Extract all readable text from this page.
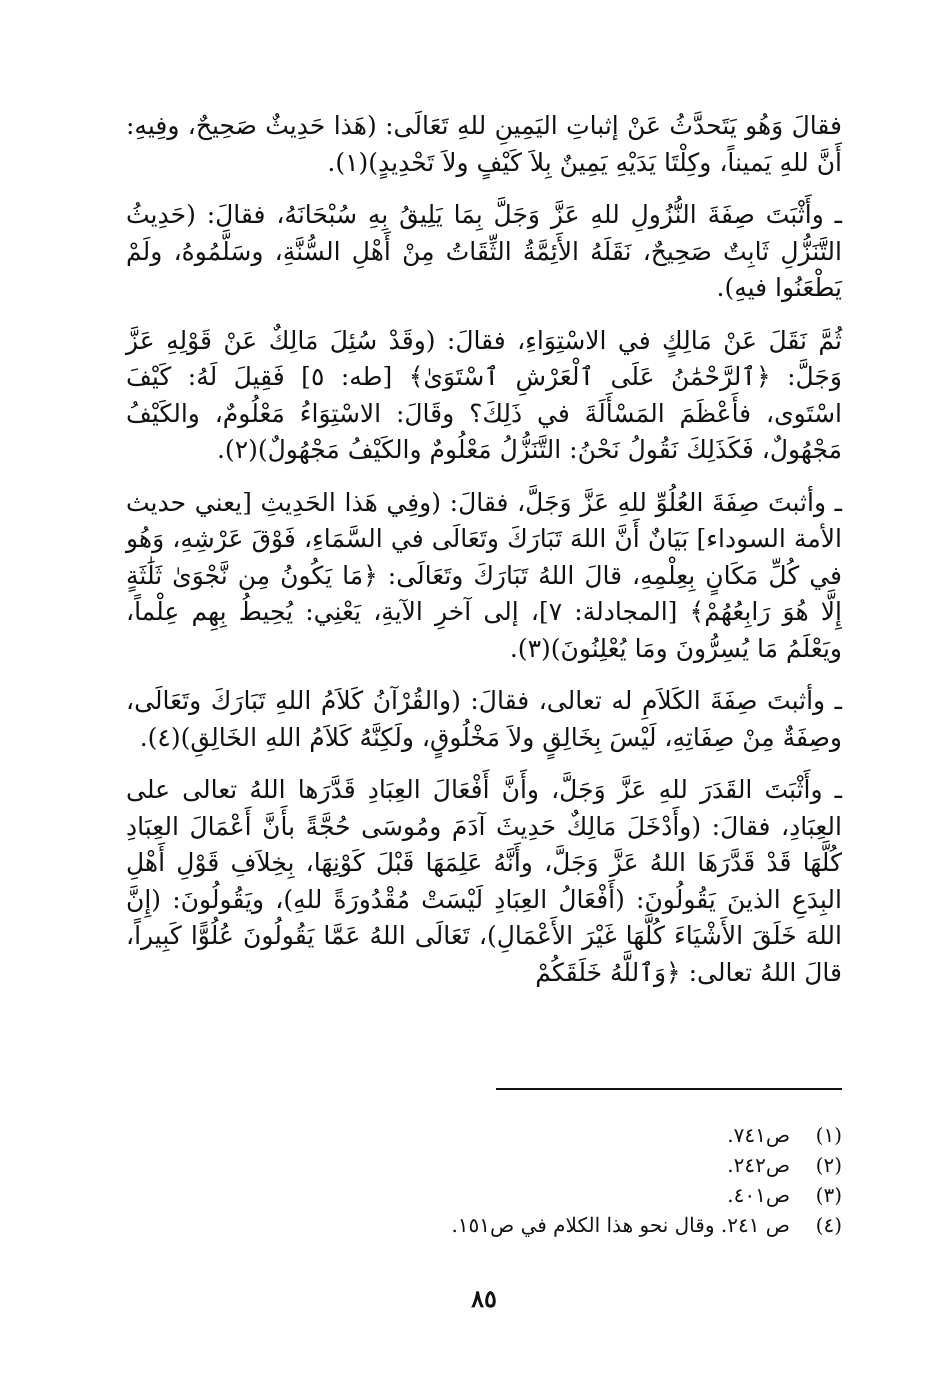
فقالَ وَهُو يَتَحدَّثُ عَنْ إثباتِ اليَمِينِ للهِ تَعَالَى: (هَذا حَدِيثٌ صَحِيحٌ، وفِيهِ: أَنَّ للهِ يَميناً، وكِلْتَا يَدَيْهِ يَمِينٌ بِلاَ كَيْفٍ ولاَ تَحْدِيدٍ)(١).

ـ وأَثْبَتَ صِفَةَ النُّزُولِ للهِ عَزَّ وَجَلَّ بِمَا يَلِيقُ بِهِ سُبْحَانَهُ، فقالَ: (حَدِيثُ التَّنَزُّلِ ثَابِتٌ صَحِيحٌ، نَقَلَهُ الأَئِمَّةُ الثِّقَاتُ مِنْ أَهْلِ السُّنَّةِ، وسَلَّمُوهُ، ولَمْ يَطْعَنُوا فيهِ).

ثُمَّ نَقَلَ عَنْ مَالِكٍ في الاسْتِوَاءِ، فقالَ: (وقَدْ سُئِلَ مَالِكٌ عَنْ قَوْلِهِ عَزَّ وَجَلَّ: ﴿ٱلرَّحْمَٰنُ عَلَى ٱلْعَرْشِ ٱسْتَوَىٰ﴾ [طه: ٥] فَقِيلَ لَهُ: كَيْفَ اسْتَوى، فأَعْظَمَ المَسْأَلَةَ في ذَلِكَ؟ وقَالَ: الاسْتِوَاءُ مَعْلُومٌ، والكَيْفُ مَجْهُولٌ، فَكَذَلِكَ نَقُولُ نَحْنُ: التَّنَزُّلُ مَعْلُومٌ والكَيْفُ مَجْهُولٌ)(٢).

ـ وأثبتَ صِفَةَ العُلُوِّ للهِ عَزَّ وَجَلَّ، فقالَ: (وفِي هَذا الحَدِيثِ [يعني حديث الأمة السوداء] بَيَانٌ أَنَّ اللهَ تَبَارَكَ وتَعَالَى في السَّمَاءِ، فَوْقَ عَرْشِهِ، وَهُو في كُلِّ مَكَانٍ بِعِلْمِهِ، قالَ اللهُ تَبَارَكَ وتَعَالَى: ﴿مَا يَكُونُ مِن نَّجْوَىٰ ثَلَٰثَةٍ إِلَّا هُوَ رَابِعُهُمْ﴾ [المجادلة: ٧]، إلى آخرِ الآيةِ، يَعْنِي: يُحِيطُ بِهِم عِلْماً، ويَعْلَمُ مَا يُسِرُّونَ ومَا يُعْلِنُونَ)(٣).

ـ وأثبتَ صِفَةَ الكَلاَمِ له تعالى، فقالَ: (والقُرْآنُ كَلاَمُ اللهِ تَبَارَكَ وتَعَالَى، وصِفَةٌ مِنْ صِفَاتِهِ، لَيْسَ بِخَالِقٍ ولاَ مَخْلُوقٍ، ولَكِنَّهُ كَلاَمُ اللهِ الخَالِقِ)(٤).

ـ وأَثْبَتَ القَدَرَ للهِ عَزَّ وَجَلَّ، وأَنَّ أَفْعَالَ العِبَادِ قَدَّرَها اللهُ تعالى على العِبَادِ، فقالَ: (وأَدْخَلَ مَالِكٌ حَدِيثَ آدَمَ ومُوسَى حُجَّةً بأَنَّ أَعْمَالَ العِبَادِ كُلَّهَا قَدْ قَدَّرَهَا اللهُ عَزَّ وَجَلَّ، وأَنَّهُ عَلِمَهَا قَبْلَ كَوْنِهَا، بِخِلاَفِ قَوْلِ أَهْلِ البِدَعِ الذينَ يَقُولُونَ: (أَفْعَالُ العِبَادِ لَيْسَتْ مُقْدُورَةً للهِ)، ويَقُولُونَ: (إِنَّ اللهَ خَلَقَ الأَشْيَاءَ كُلَّهَا غَيْرَ الأَعْمَالِ)، تَعَالَى اللهُ عَمَّا يَقُولُونَ عُلُوًّا كَبِيراً، قالَ اللهُ تعالى: ﴿وَٱللَّهُ خَلَقَكُمْ

(١)
ص٧٤١.
(٢)
ص٢٤٢.
(٣)
ص٤٠١.
(٤)
ص ٢٤١. وقال نحو هذا الكلام في ص١٥١.
٨٥
